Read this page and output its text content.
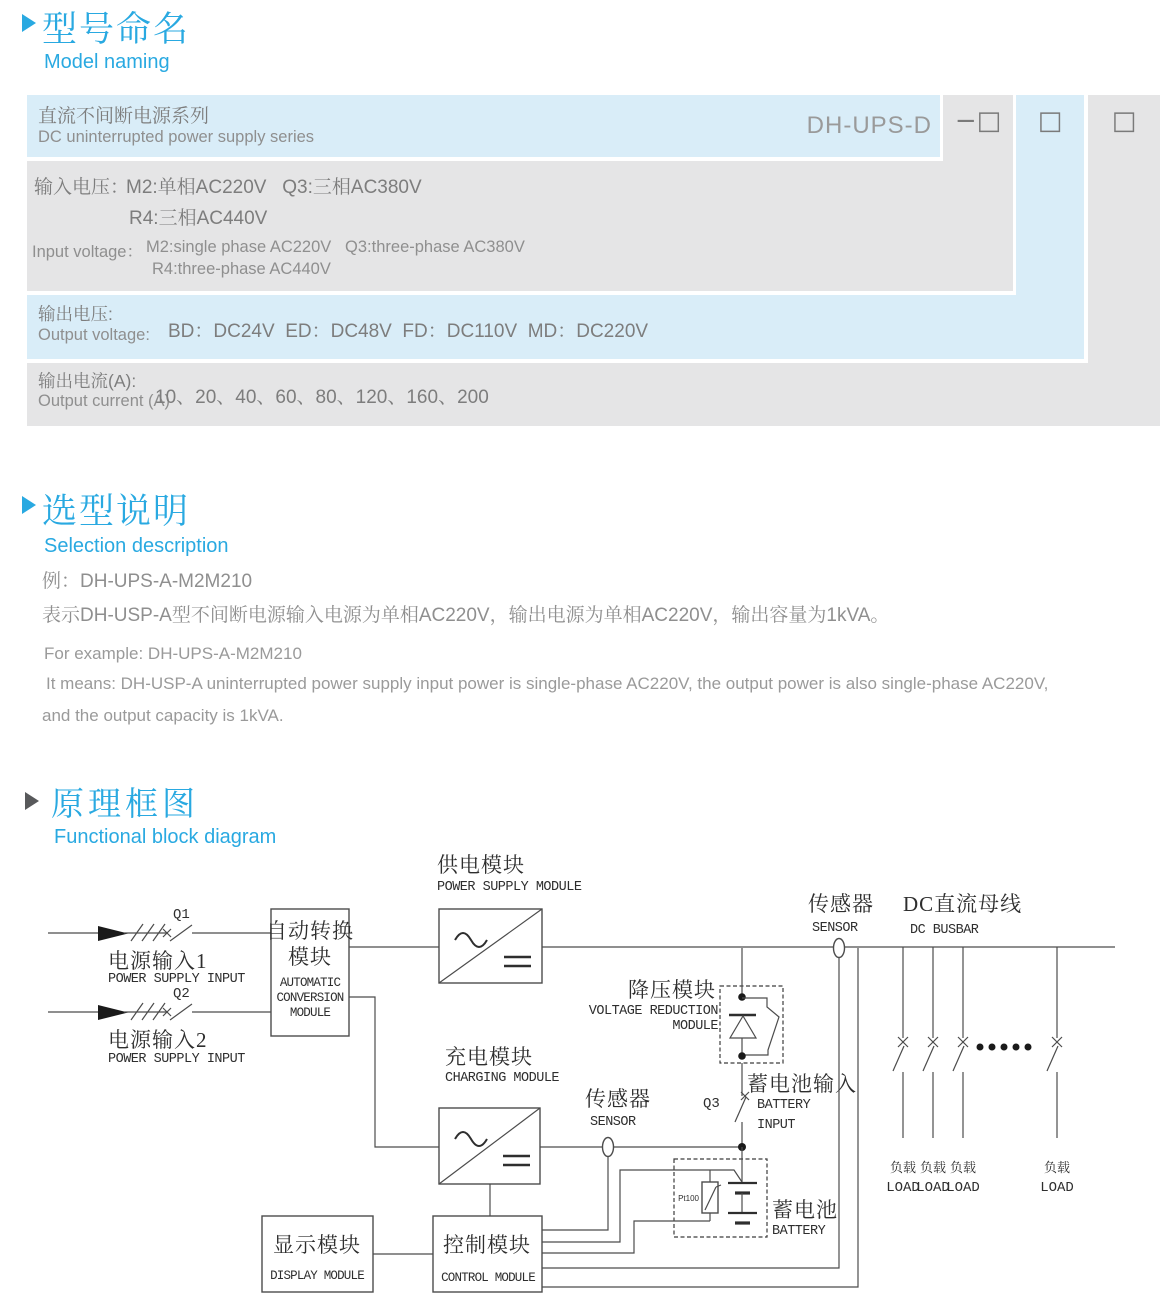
型号命名
Model naming
直流不间断电源系列
DC uninterrupted power supply series	DH-UPS-D −□	□	□
输入电压：
M2:单相AC220V   Q3:三相AC380V
R4:三相AC440V
Input voltage： M2:single phase AC220V   Q3:three-phase AC380V
R4:three-phase AC440V
输出电压:
Output voltage: BD：DC24V  ED：DC48V  FD：DC110V  MD：DC220V
输出电流(A):
Output current (A)
10、20、40、60、80、120、160、200
选型说明
Selection description
例：DH-UPS-A-M2M210
表示DH-USP-A型不间断电源输入电源为单相AC220V，输出电源为单相AC220V，输出容量为1kVA。
For example: DH-UPS-A-M2M210
It means: DH-USP-A uninterrupted power supply input power is single-phase AC220V, the output power is also single-phase AC220V,
and the output capacity is 1kVA.
原理框图
Functional block diagram
Q1
电源输入1
POWER SUPPLY INPUT
Q2
电源输入2
POWER SUPPLY INPUT
自动转换
模块
AUTOMATIC
CONVERSION
MODULE
供电模块
POWER SUPPLY MODULE
充电模块
CHARGING MODULE
传感器
SENSOR
传感器
SENSOR
DC直流母线
DC BUSBAR
降压模块
VOLTAGE REDUCTION
MODULE
Q3
蓄电池输入
BATTERY
INPUT
Pt100	蓄电池
BATTERY
显示模块
DISPLAY MODULE
控制模块
CONTROL MODULE
负载
LOAD
负载
LOAD
负载
LOAD
负载
LOAD
